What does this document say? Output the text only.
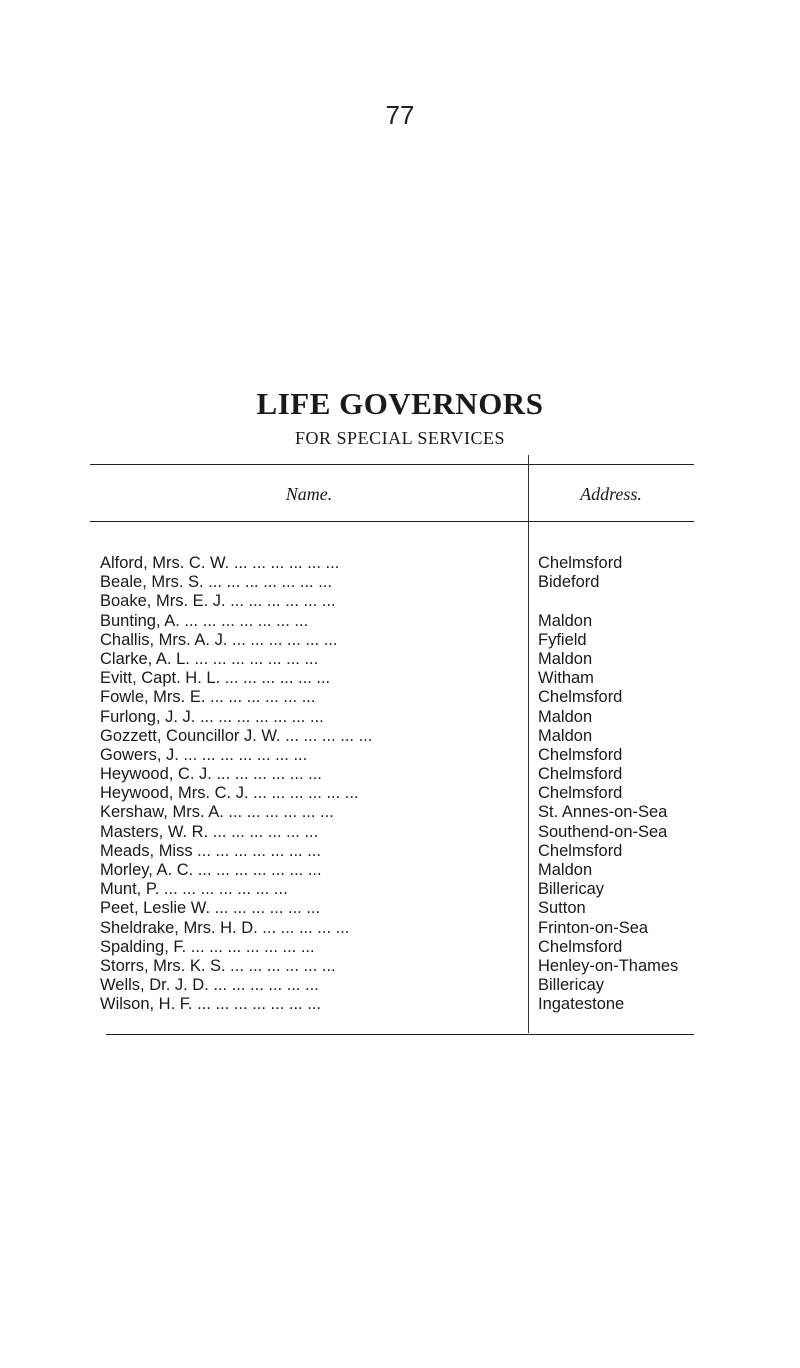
77
LIFE GOVERNORS
FOR SPECIAL SERVICES
Name.	Address.
Alford, Mrs. C. W. ... ... ... ... ... ...	Chelmsford
Beale, Mrs. S. ... ... ... ... ... ... ...	Bideford
Boake, Mrs. E. J. ... ... ... ... ... ...
Bunting, A. ... ... ... ... ... ... ...	Maldon
Challis, Mrs. A. J. ... ... ... ... ... ...	Fyfield
Clarke, A. L. ... ... ... ... ... ... ...	Maldon
Evitt, Capt. H. L. ... ... ... ... ... ...	Witham
Fowle, Mrs. E. ... ... ... ... ... ...	Chelmsford
Furlong, J. J. ... ... ... ... ... ... ...	Maldon
Gozzett, Councillor J. W. ... ... ... ... ...	Maldon
Gowers, J. ... ... ... ... ... ... ...	Chelmsford
Heywood, C. J. ... ... ... ... ... ...	Chelmsford
Heywood, Mrs. C. J. ... ... ... ... ... ...	Chelmsford
Kershaw, Mrs. A. ... ... ... ... ... ...	St. Annes-on-Sea
Masters, W. R. ... ... ... ... ... ...	Southend-on-Sea
Meads, Miss ... ... ... ... ... ... ...	Chelmsford
Morley, A. C. ... ... ... ... ... ... ...	Maldon
Munt, P. ... ... ... ... ... ... ...	Billericay
Peet, Leslie W. ... ... ... ... ... ...	Sutton
Sheldrake, Mrs. H. D. ... ... ... ... ...	Frinton-on-Sea
Spalding, F. ... ... ... ... ... ... ...	Chelmsford
Storrs, Mrs. K. S. ... ... ... ... ... ...	Henley-on-Thames
Wells, Dr. J. D. ... ... ... ... ... ...	Billericay
Wilson, H. F. ... ... ... ... ... ... ...	Ingatestone
